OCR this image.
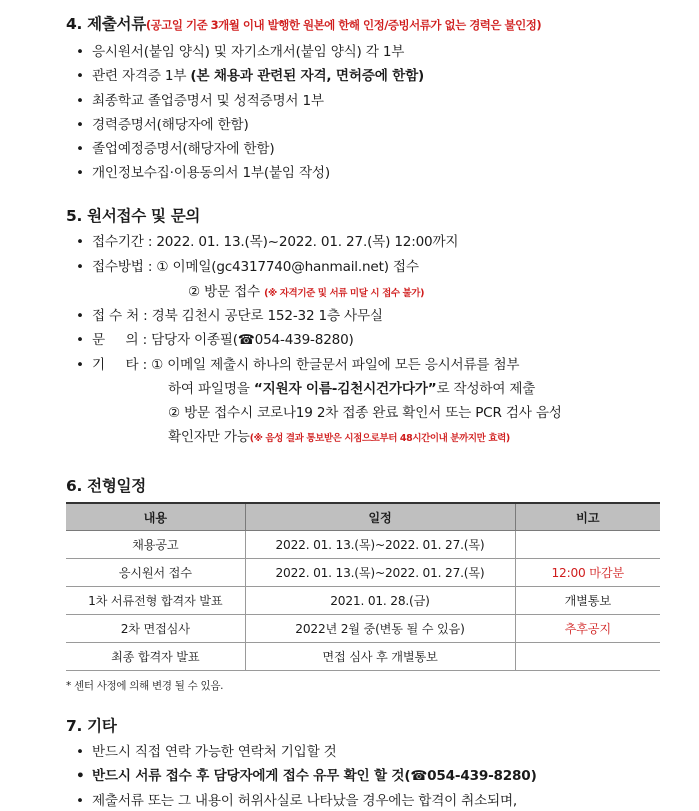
4. 제출서류(공고일 기준 3개월 이내 발행한 원본에 한해 인정/증빙서류가 없는 경력은 불인정)
• 응시원서(붙임 양식) 및 자기소개서(붙임 양식) 각 1부
• 관련 자격증 1부 (본 채용과 관련된 자격, 면허증에 한함)
• 최종학교 졸업증명서 및 성적증명서 1부
• 경력증명서(해당자에 한함)
• 졸업예정증명서(해당자에 한함)
• 개인정보수집·이용동의서 1부(붙임 작성)
5. 원서접수 및 문의
• 접수기간 : 2022. 01. 13.(목)~2022. 01. 27.(목) 12:00까지
• 접수방법 : ① 이메일(gc4317740@hanmail.net) 접수
② 방문 접수 (※ 자격기준 및 서류 미달 시 접수 불가)
• 접 수 처 : 경북 김천시 공단로 152-32 1층 사무실
• 문     의 : 담당자 이종필(☎054-439-8280)
• 기     타 : ① 이메일 제출시 하나의 한글문서 파일에 모든 응시서류를 첨부
하여 파일명을 “지원자 이름-김천시건가다가”로 작성하여 제출
② 방문 접수시 코로나19 2차 접종 완료 확인서 또는 PCR 검사 음성
확인자만 가능(※ 음성 결과 통보받은 시점으로부터 48시간이내 분까지만 효력)
6. 전형일정
내용	일정	비고
채용공고	2022. 01. 13.(목)~2022. 01. 27.(목)	
응시원서 접수	2022. 01. 13.(목)~2022. 01. 27.(목)	12:00 마감분
1차 서류전형 합격자 발표	2021. 01. 28.(금)	개별통보
2차 면접심사	2022년 2월 중(변동 될 수 있음)	추후공지
최종 합격자 발표	면접 심사 후 개별통보	
* 센터 사정에 의해 변경 될 수 있음.
7. 기타
• 반드시 직접 연락 가능한 연락처 기입할 것
• 반드시 서류 접수 후 담당자에게 접수 유무 확인 할 것(☎054-439-8280)
• 제출서류 또는 그 내용이 허위사실로 나타났을 경우에는 합격이 취소되며,
